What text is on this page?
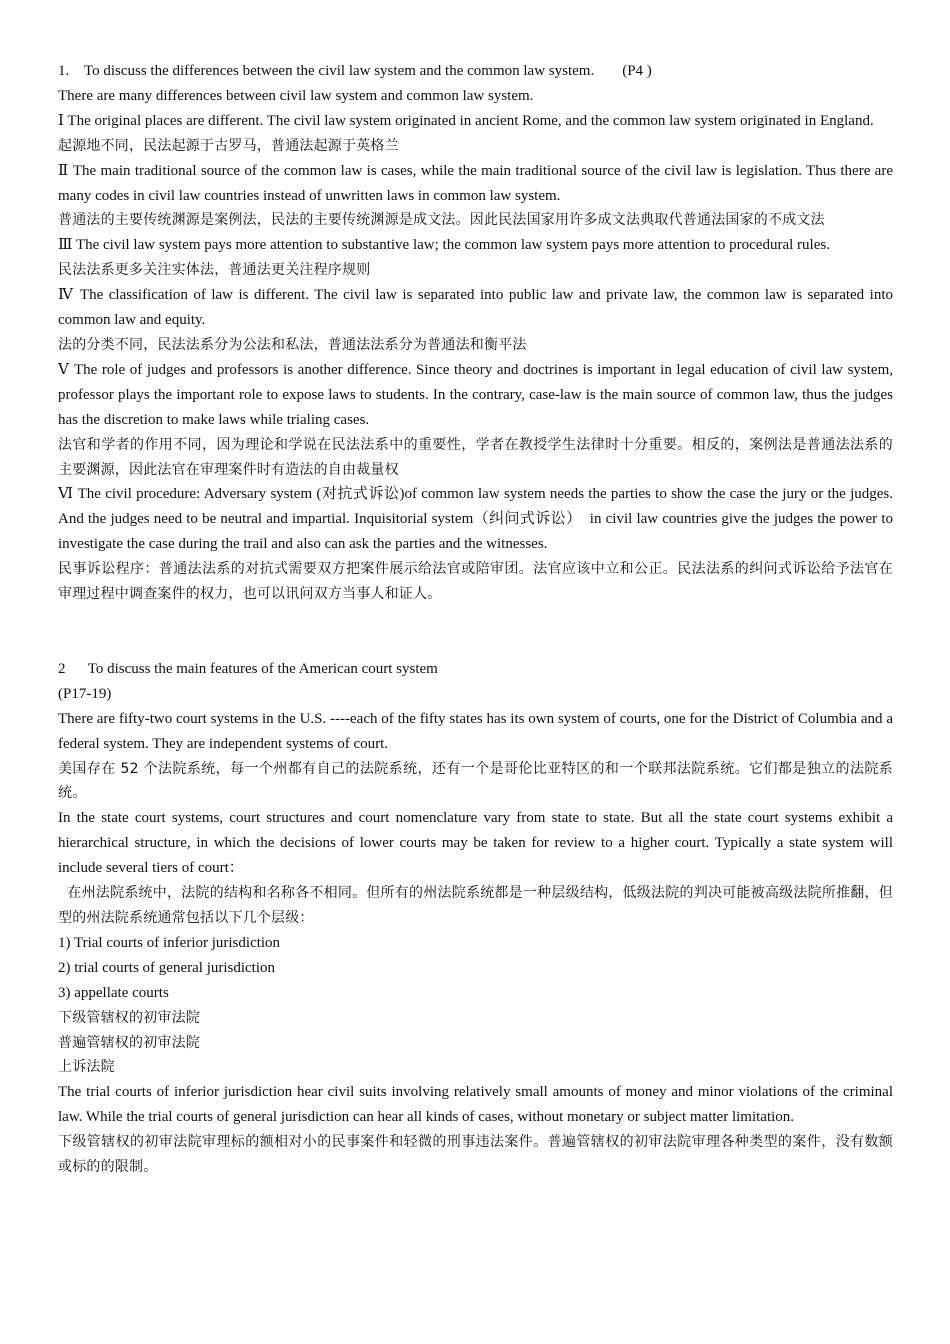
1.    To discuss the differences between the civil law system and the common law system. (P4 )

There are many differences between civil law system and common law system.

Ⅰ The original places are different. The civil law system originated in ancient Rome, and the common law system originated in England.

起源地不同，民法起源于古罗马，普通法起源于英格兰

Ⅱ The main traditional source of the common law is cases, while the main traditional source of the civil law is legislation. Thus there are many codes in civil law countries instead of unwritten laws in common law system.

普通法的主要传统渊源是案例法，民法的主要传统渊源是成文法。因此民法国家用许多成文法典取代普通法国家的不成文法

Ⅲ The civil law system pays more attention to substantive law; the common law system pays more attention to procedural rules.

民法法系更多关注实体法，普通法更关注程序规则

Ⅳ The classification of law is different. The civil law is separated into public law and private law, the common law is separated into common law and equity.

法的分类不同，民法法系分为公法和私法，普通法法系分为普通法和衡平法

Ⅴ The role of judges and professors is another difference. Since theory and doctrines is important in legal education of civil law system, professor plays the important role to expose laws to students. In the contrary, case-law is the main source of common law, thus the judges has the discretion to make laws while trialing cases.

法官和学者的作用不同，因为理论和学说在民法法系中的重要性，学者在教授学生法律时十分重要。相反的，案例法是普通法法系的主要渊源，因此法官在审理案件时有造法的自由裁量权

Ⅵ The civil procedure: Adversary system (对抗式诉讼)of common law system needs the parties to show the case the jury or the judges. And the judges need to be neutral and impartial. Inquisitorial system（纠问式诉讼）  in civil law countries give the judges the power to investigate the case during the trail and also can ask the parties and the witnesses.

民事诉讼程序：普通法法系的对抗式需要双方把案件展示给法官或陪审团。法官应该中立和公正。民法法系的纠问式诉讼给予法官在审理过程中调查案件的权力，也可以讯问双方当事人和证人。

2      To discuss the main features of the American court system

(P17-19)

There are fifty-two court systems in the U.S. ----each of the fifty states has its own system of courts, one for the District of Columbia and a federal system. They are independent systems of court.

美国存在 52 个法院系统，每一个州都有自己的法院系统，还有一个是哥伦比亚特区的和一个联邦法院系统。它们都是独立的法院系统。

In the state court systems, court structures and court nomenclature vary from state to state. But all the state court systems exhibit a hierarchical structure, in which the decisions of lower courts may be taken for review to a higher court. Typically a state system will include several tiers of court：

在州法院系统中，法院的结构和名称各不相同。但所有的州法院系统都是一种层级结构，低级法院的判决可能被高级法院所推翻，但型的州法院系统通常包括以下几个层级：

1) Trial courts of inferior jurisdiction

2) trial courts of general jurisdiction

3) appellate courts

下级管辖权的初审法院

普遍管辖权的初审法院

上诉法院

The trial courts of inferior jurisdiction hear civil suits involving relatively small amounts of money and minor violations of the criminal law. While the trial courts of general jurisdiction can hear all kinds of cases, without monetary or subject matter limitation.

下级管辖权的初审法院审理标的额相对小的民事案件和轻微的刑事违法案件。普遍管辖权的初审法院审理各种类型的案件，没有数额或标的的限制。
